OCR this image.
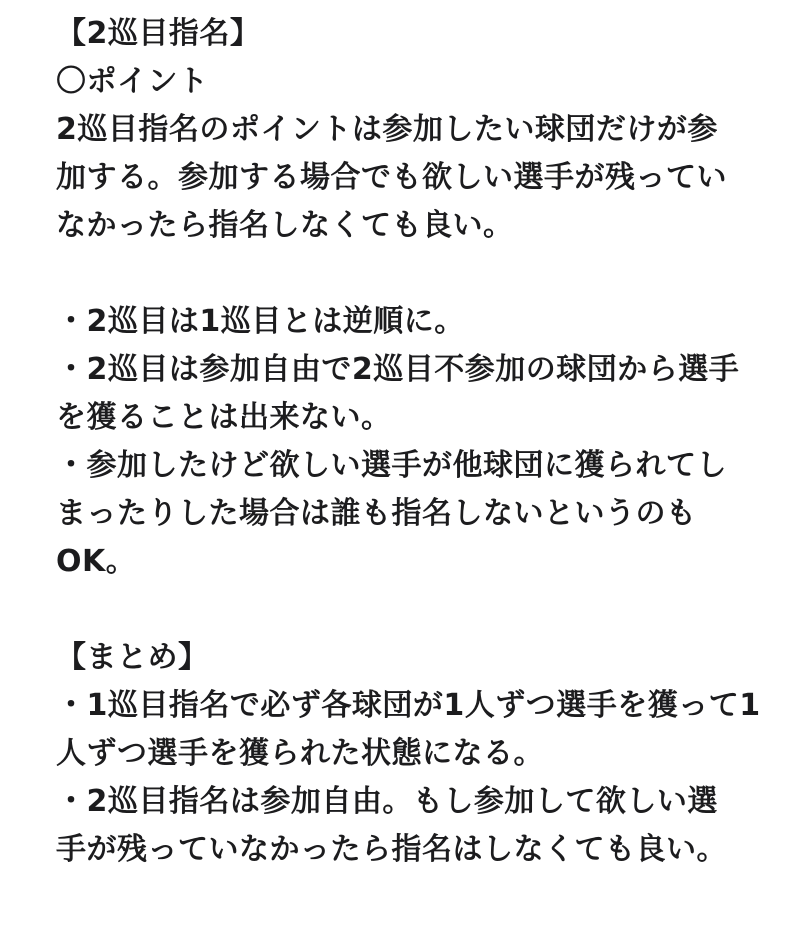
【2巡目指名】
〇ポイント
2巡目指名のポイントは参加したい球団だけが参
加する。参加する場合でも欲しい選手が残ってい
なかったら指名しなくても良い。
・2巡目は1巡目とは逆順に。
・2巡目は参加自由で2巡目不参加の球団から選手
を獲ることは出来ない。
・参加したけど欲しい選手が他球団に獲られてし
まったりした場合は誰も指名しないというのも
OK。
【まとめ】
・1巡目指名で必ず各球団が1人ずつ選手を獲って1
人ずつ選手を獲られた状態になる。
・2巡目指名は参加自由。もし参加して欲しい選
手が残っていなかったら指名はしなくても良い。
